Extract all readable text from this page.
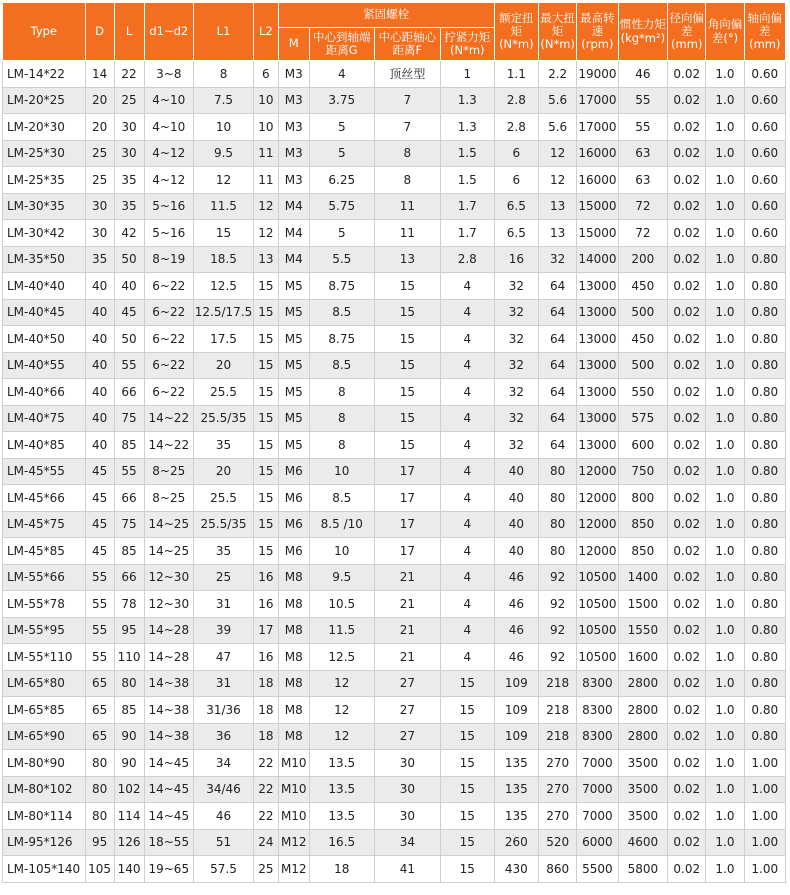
Type	D	L	d1~d2	L1	L2	紧固螺栓				额定扭矩(N*m)	最大扭矩(N*m)	最高转速(rpm)	惯性力矩(kg*m²)	径向偏差(mm)	角向偏差(°)	轴向偏差(mm)
						M	中心到轴端距离G	中心距轴心距离F	拧紧力矩(N*m)							
LM-14*22	14	22	3~8	8	6	M3	4	顶丝型	1	1.1	2.2	19000	46	0.02	1.0	0.60
LM-20*25	20	25	4~10	7.5	10	M3	3.75	7	1.3	2.8	5.6	17000	55	0.02	1.0	0.60
LM-20*30	20	30	4~10	10	10	M3	5	7	1.3	2.8	5.6	17000	55	0.02	1.0	0.60
LM-25*30	25	30	4~12	9.5	11	M3	5	8	1.5	6	12	16000	63	0.02	1.0	0.60
LM-25*35	25	35	4~12	12	11	M3	6.25	8	1.5	6	12	16000	63	0.02	1.0	0.60
LM-30*35	30	35	5~16	11.5	12	M4	5.75	11	1.7	6.5	13	15000	72	0.02	1.0	0.60
LM-30*42	30	42	5~16	15	12	M4	5	11	1.7	6.5	13	15000	72	0.02	1.0	0.60
LM-35*50	35	50	8~19	18.5	13	M4	5.5	13	2.8	16	32	14000	200	0.02	1.0	0.80
LM-40*40	40	40	6~22	12.5	15	M5	8.75	15	4	32	64	13000	450	0.02	1.0	0.80
LM-40*45	40	45	6~22	12.5/17.5	15	M5	8.5	15	4	32	64	13000	500	0.02	1.0	0.80
LM-40*50	40	50	6~22	17.5	15	M5	8.75	15	4	32	64	13000	450	0.02	1.0	0.80
LM-40*55	40	55	6~22	20	15	M5	8.5	15	4	32	64	13000	500	0.02	1.0	0.80
LM-40*66	40	66	6~22	25.5	15	M5	8	15	4	32	64	13000	550	0.02	1.0	0.80
LM-40*75	40	75	14~22	25.5/35	15	M5	8	15	4	32	64	13000	575	0.02	1.0	0.80
LM-40*85	40	85	14~22	35	15	M5	8	15	4	32	64	13000	600	0.02	1.0	0.80
LM-45*55	45	55	8~25	20	15	M6	10	17	4	40	80	12000	750	0.02	1.0	0.80
LM-45*66	45	66	8~25	25.5	15	M6	8.5	17	4	40	80	12000	800	0.02	1.0	0.80
LM-45*75	45	75	14~25	25.5/35	15	M6	8.5 /10	17	4	40	80	12000	850	0.02	1.0	0.80
LM-45*85	45	85	14~25	35	15	M6	10	17	4	40	80	12000	850	0.02	1.0	0.80
LM-55*66	55	66	12~30	25	16	M8	9.5	21	4	46	92	10500	1400	0.02	1.0	0.80
LM-55*78	55	78	12~30	31	16	M8	10.5	21	4	46	92	10500	1500	0.02	1.0	0.80
LM-55*95	55	95	14~28	39	17	M8	11.5	21	4	46	92	10500	1550	0.02	1.0	0.80
LM-55*110	55	110	14~28	47	16	M8	12.5	21	4	46	92	10500	1600	0.02	1.0	0.80
LM-65*80	65	80	14~38	31	18	M8	12	27	15	109	218	8300	2800	0.02	1.0	0.80
LM-65*85	65	85	14~38	31/36	18	M8	12	27	15	109	218	8300	2800	0.02	1.0	0.80
LM-65*90	65	90	14~38	36	18	M8	12	27	15	109	218	8300	2800	0.02	1.0	0.80
LM-80*90	80	90	14~45	34	22	M10	13.5	30	15	135	270	7000	3500	0.02	1.0	1.00
LM-80*102	80	102	14~45	34/46	22	M10	13.5	30	15	135	270	7000	3500	0.02	1.0	1.00
LM-80*114	80	114	14~45	46	22	M10	13.5	30	15	135	270	7000	3500	0.02	1.0	1.00
LM-95*126	95	126	18~55	51	24	M12	16.5	34	15	260	520	6000	4600	0.02	1.0	1.00
LM-105*140	105	140	19~65	57.5	25	M12	18	41	15	430	860	5500	5800	0.02	1.0	1.00
